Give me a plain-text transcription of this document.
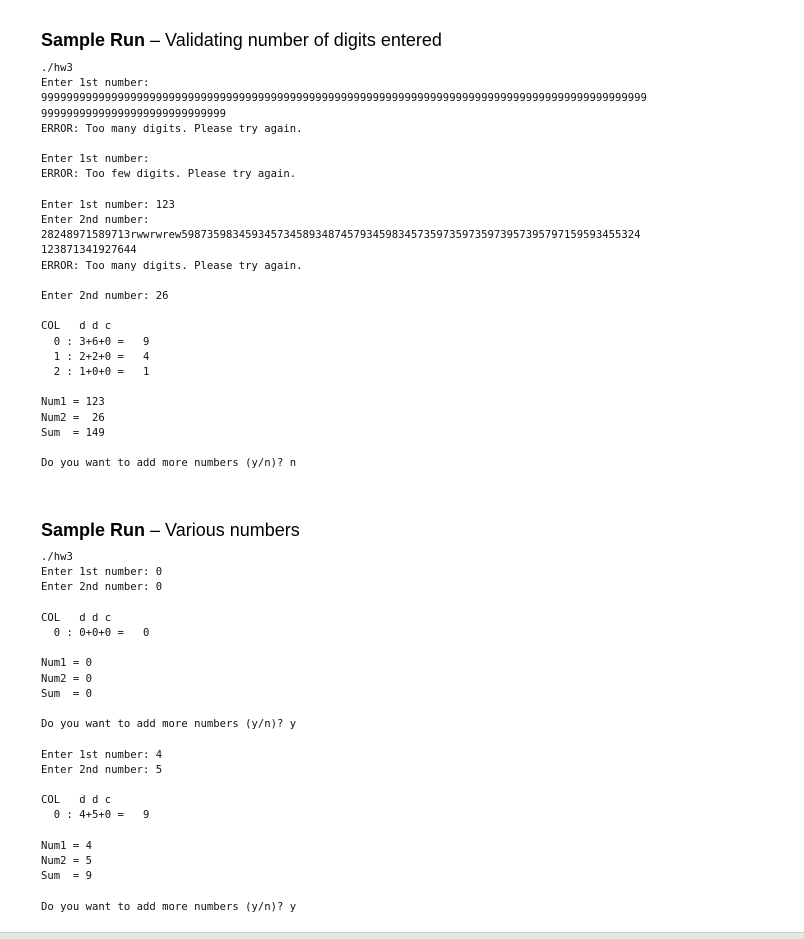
Sample Run – Validating number of digits entered
./hw3
Enter 1st number:
99999999999999999999999999999999999999999999999999999999999999999999999999999999999999999999999
99999999999999999999999999999
ERROR: Too many digits. Please try again.

Enter 1st number:
ERROR: Too few digits. Please try again.

Enter 1st number: 123
Enter 2nd number:
28248971589713rwwrwrew598735983459345734589348745793459834573597359735973957395797159593455324
123871341927644
ERROR: Too many digits. Please try again.

Enter 2nd number: 26

COL   d d c
0 : 3+6+0 =   9
1 : 2+2+0 =   4
2 : 1+0+0 =   1

Num1 = 123
Num2 =  26
Sum  = 149

Do you want to add more numbers (y/n)? n
Sample Run – Various numbers
./hw3
Enter 1st number: 0
Enter 2nd number: 0

COL   d d c
0 : 0+0+0 =   0

Num1 = 0
Num2 = 0
Sum  = 0

Do you want to add more numbers (y/n)? y

Enter 1st number: 4
Enter 2nd number: 5

COL   d d c
0 : 4+5+0 =   9

Num1 = 4
Num2 = 5
Sum  = 9

Do you want to add more numbers (y/n)? y
